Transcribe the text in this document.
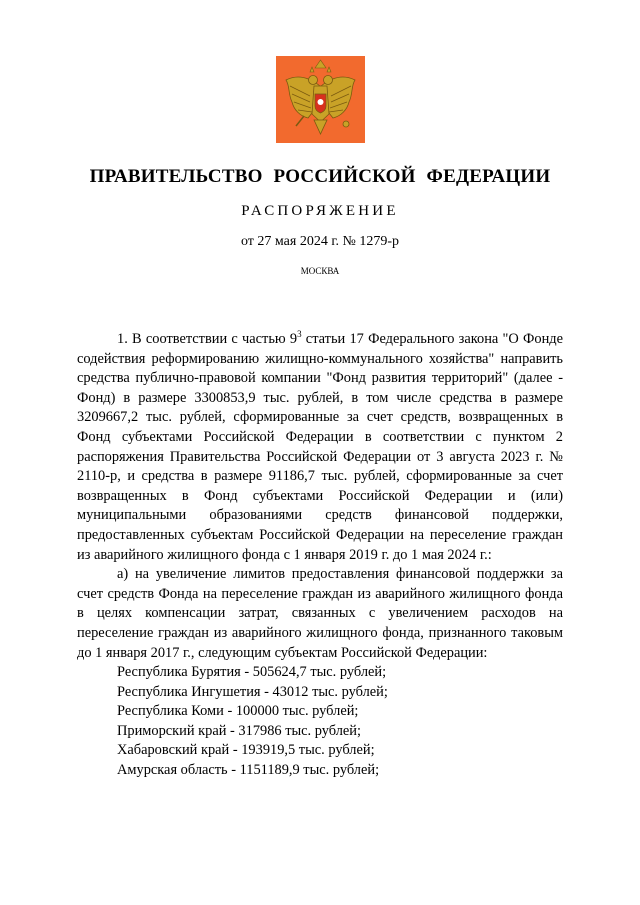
ПРАВИТЕЛЬСТВО РОССИЙСКОЙ ФЕДЕРАЦИИ
РАСПОРЯЖЕНИЕ
от 27 мая 2024 г. № 1279-р
МОСКВА

1. В соответствии с частью $9^3$ статьи 17 Федерального закона "О Фонде содействия реформированию жилищно-коммунального хозяйства" направить средства публично-правовой компании "Фонд развития территорий" (далее - Фонд) в размере 3300853,9 тыс. рублей, в том числе средства в размере 3209667,2 тыс. рублей, сформированные за счет средств, возвращенных в Фонд субъектами Российской Федерации в соответствии с пунктом 2 распоряжения Правительства Российской Федерации от 3 августа 2023 г. № 2110-р, и средства в размере 91186,7 тыс. рублей, сформированные за счет возвращенных в Фонд субъектами Российской Федерации и (или) муниципальными образованиями средств финансовой поддержки, предоставленных субъектам Российской Федерации на переселение граждан из аварийного жилищного фонда с 1 января 2019 г. до 1 мая 2024 г.:

а) на увеличение лимитов предоставления финансовой поддержки за счет средств Фонда на переселение граждан из аварийного жилищного фонда в целях компенсации затрат, связанных с увеличением расходов на переселение граждан из аварийного жилищного фонда, признанного таковым до 1 января 2017 г., следующим субъектам Российской Федерации:

Республика Бурятия - 505624,7 тыс. рублей;
Республика Ингушетия - 43012 тыс. рублей;
Республика Коми - 100000 тыс. рублей;
Приморский край - 317986 тыс. рублей;
Хабаровский край - 193919,5 тыс. рублей;
Амурская область - 1151189,9 тыс. рублей;
